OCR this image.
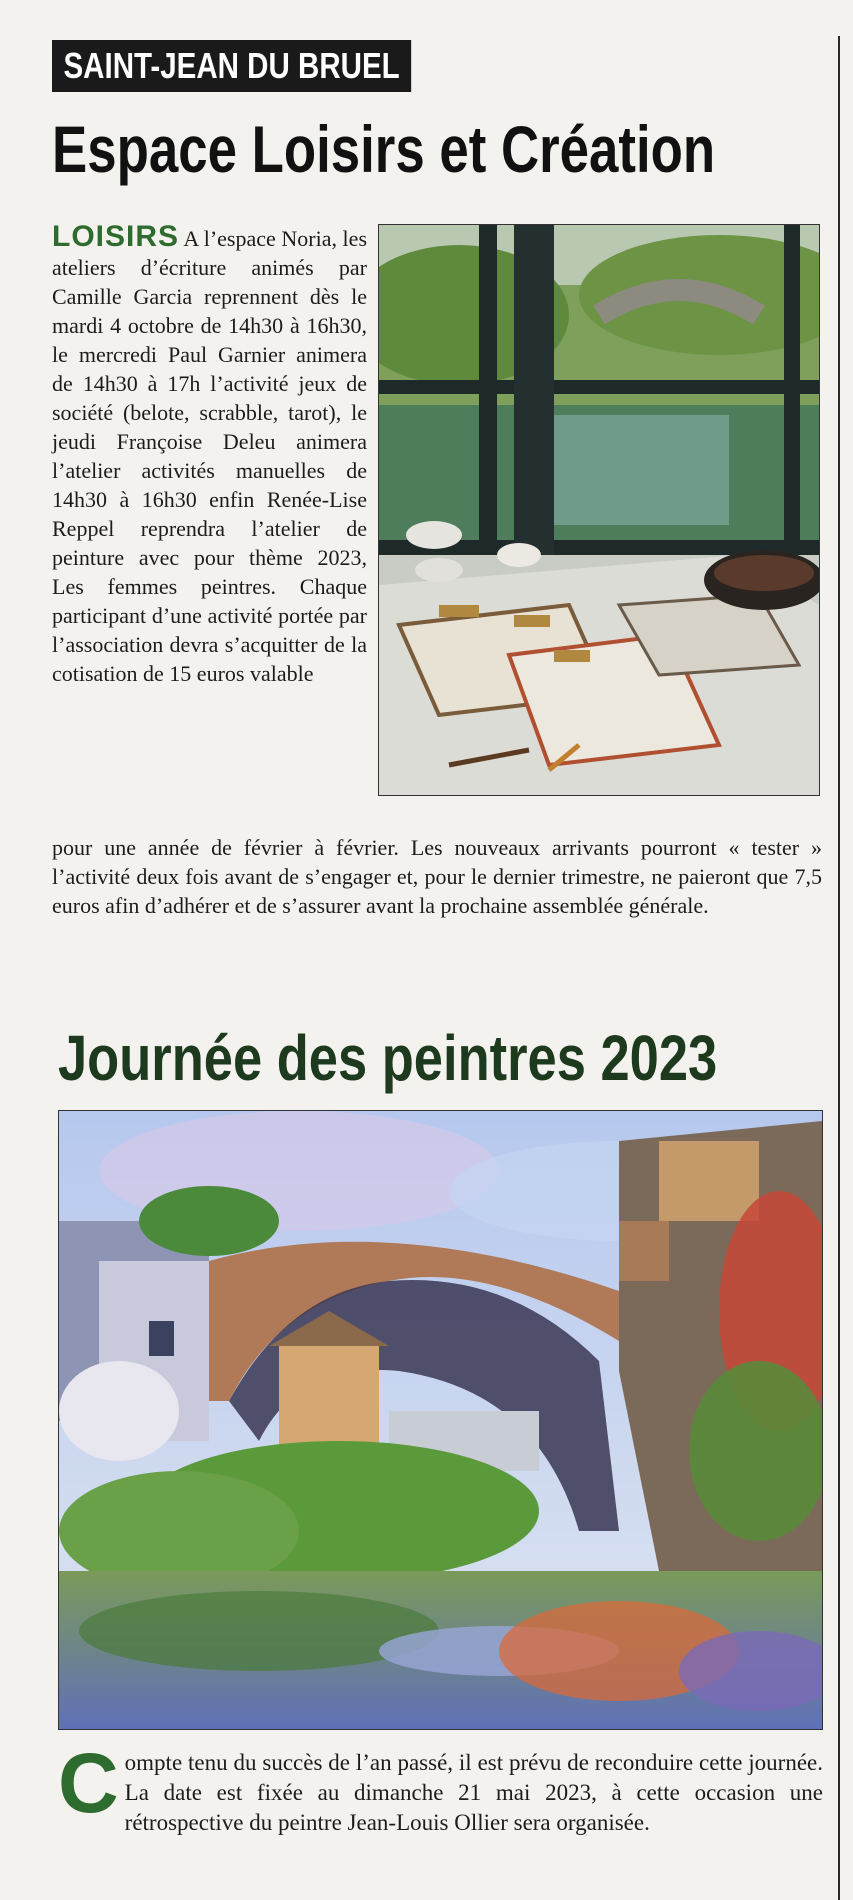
SAINT-JEAN DU BRUEL
Espace Loisirs et Création

LOISIRS A l’espace Noria, les ateliers d’écriture animés par Camille Garcia reprennent dès le mardi 4 octobre de 14h30 à 16h30, le mercredi Paul Garnier animera de 14h30 à 17h l’activité jeux de société (belote, scrabble, tarot), le jeudi Françoise Deleu animera l’atelier activités manuelles de 14h30 à 16h30 enfin Renée-Lise Reppel reprendra l’atelier de peinture avec pour thème 2023, Les femmes peintres. Chaque participant d’une activité portée par l’association devra s’acquitter de la cotisation de 15 euros valable

pour une année de février à février. Les nouveaux arrivants pourront « tester » l’activité deux fois avant de s’engager et, pour le dernier trimestre, ne paieront que 7,5 euros afin d’adhérer et de s’assurer avant la prochaine assemblée générale.

Journée des peintres 2023

C ompte tenu du succès de l’an passé, il est prévu de reconduire cette journée. La date est fixée au dimanche 21 mai 2023, à cette occasion une rétrospective du peintre Jean-Louis Ollier sera organisée.
